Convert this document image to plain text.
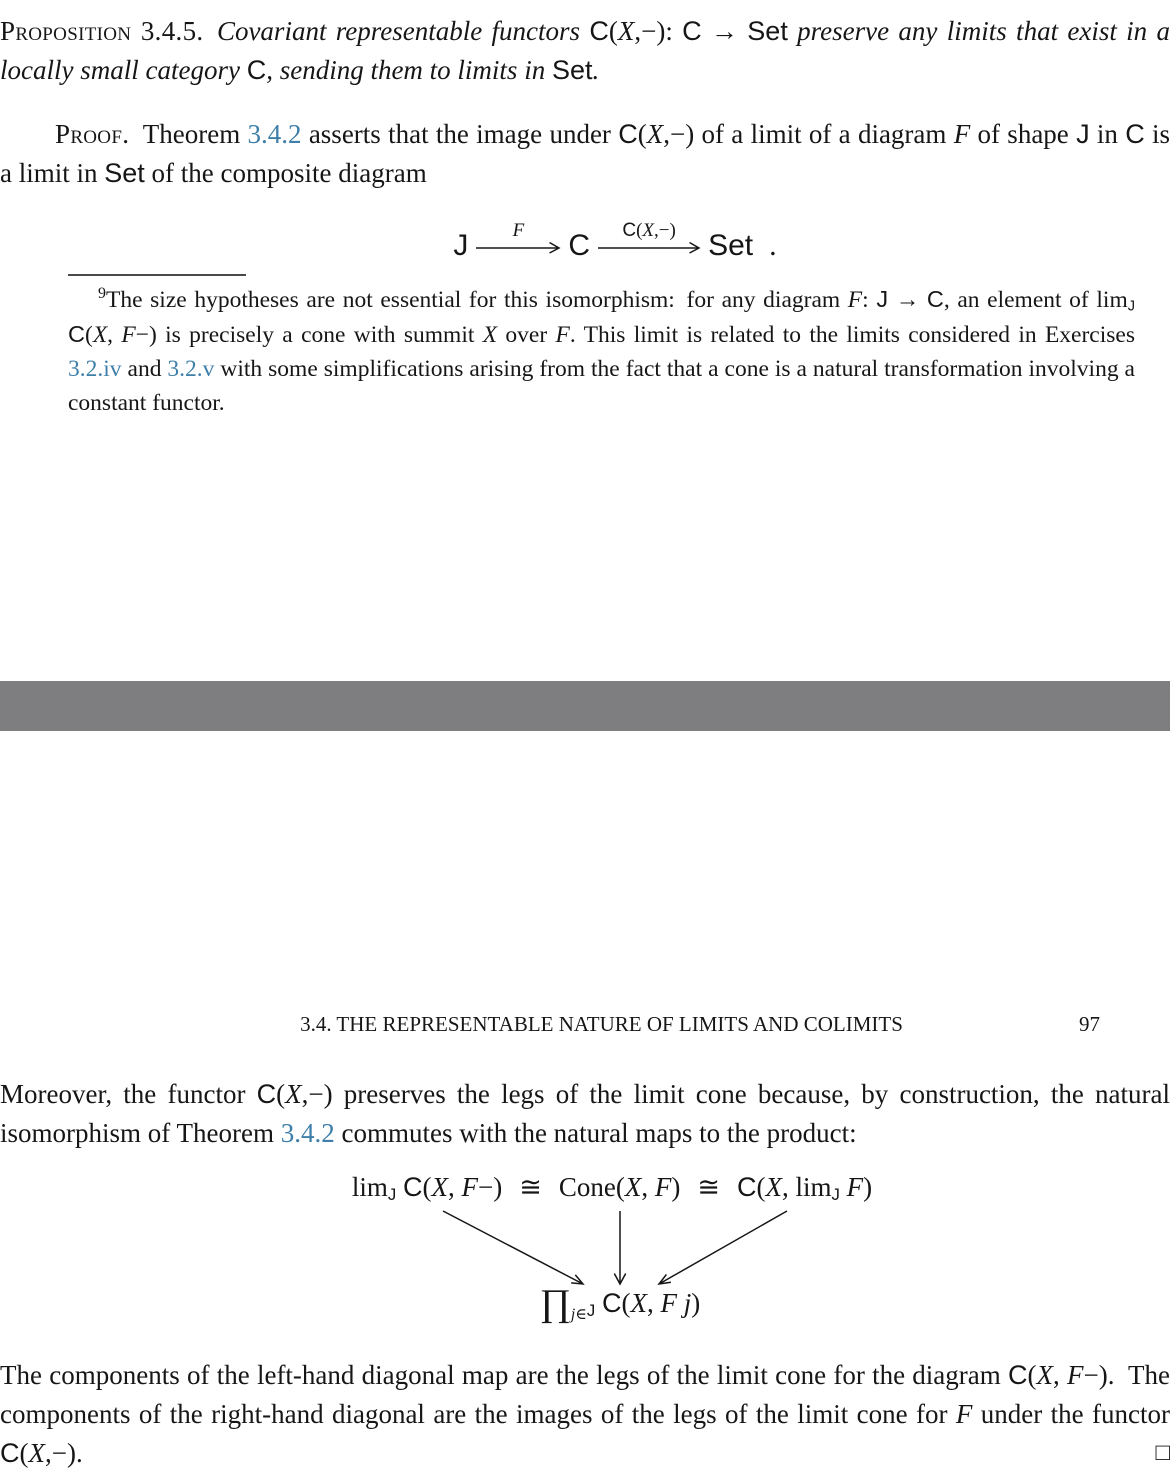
Proposition 3.4.5.  Covariant representable functors C(X,−): C → Set preserve any limits that exist in a locally small category C, sending them to limits in Set.

Proof. Theorem 3.4.2 asserts that the image under C(X,−) of a limit of a diagram F of shape J in C is a limit in Set of the composite diagram

J F C C(X,−) Set .

$^9$The size hypotheses are not essential for this isomorphism: for any diagram F: J → C, an element of limJ C(X, F−) is precisely a cone with summit X over F. This limit is related to the limits considered in Exercises 3.2.iv and 3.2.v with some simplifications arising from the fact that a cone is a natural transformation involving a constant functor.

3.4. THE REPRESENTABLE NATURE OF LIMITS AND COLIMITS	97

Moreover, the functor C(X,−) preserves the legs of the limit cone because, by construction, the natural isomorphism of Theorem 3.4.2 commutes with the natural maps to the product:

limJ C(X, F−) ≅ Cone(X, F) ≅ C(X, limJ F)
$\prod_{j\in}J$ C(X, F j)

The components of the left-hand diagonal map are the legs of the limit cone for the diagram C(X, F−). The components of the right-hand diagonal are the images of the legs of the limit cone for F under the functor C(X,−).	□
